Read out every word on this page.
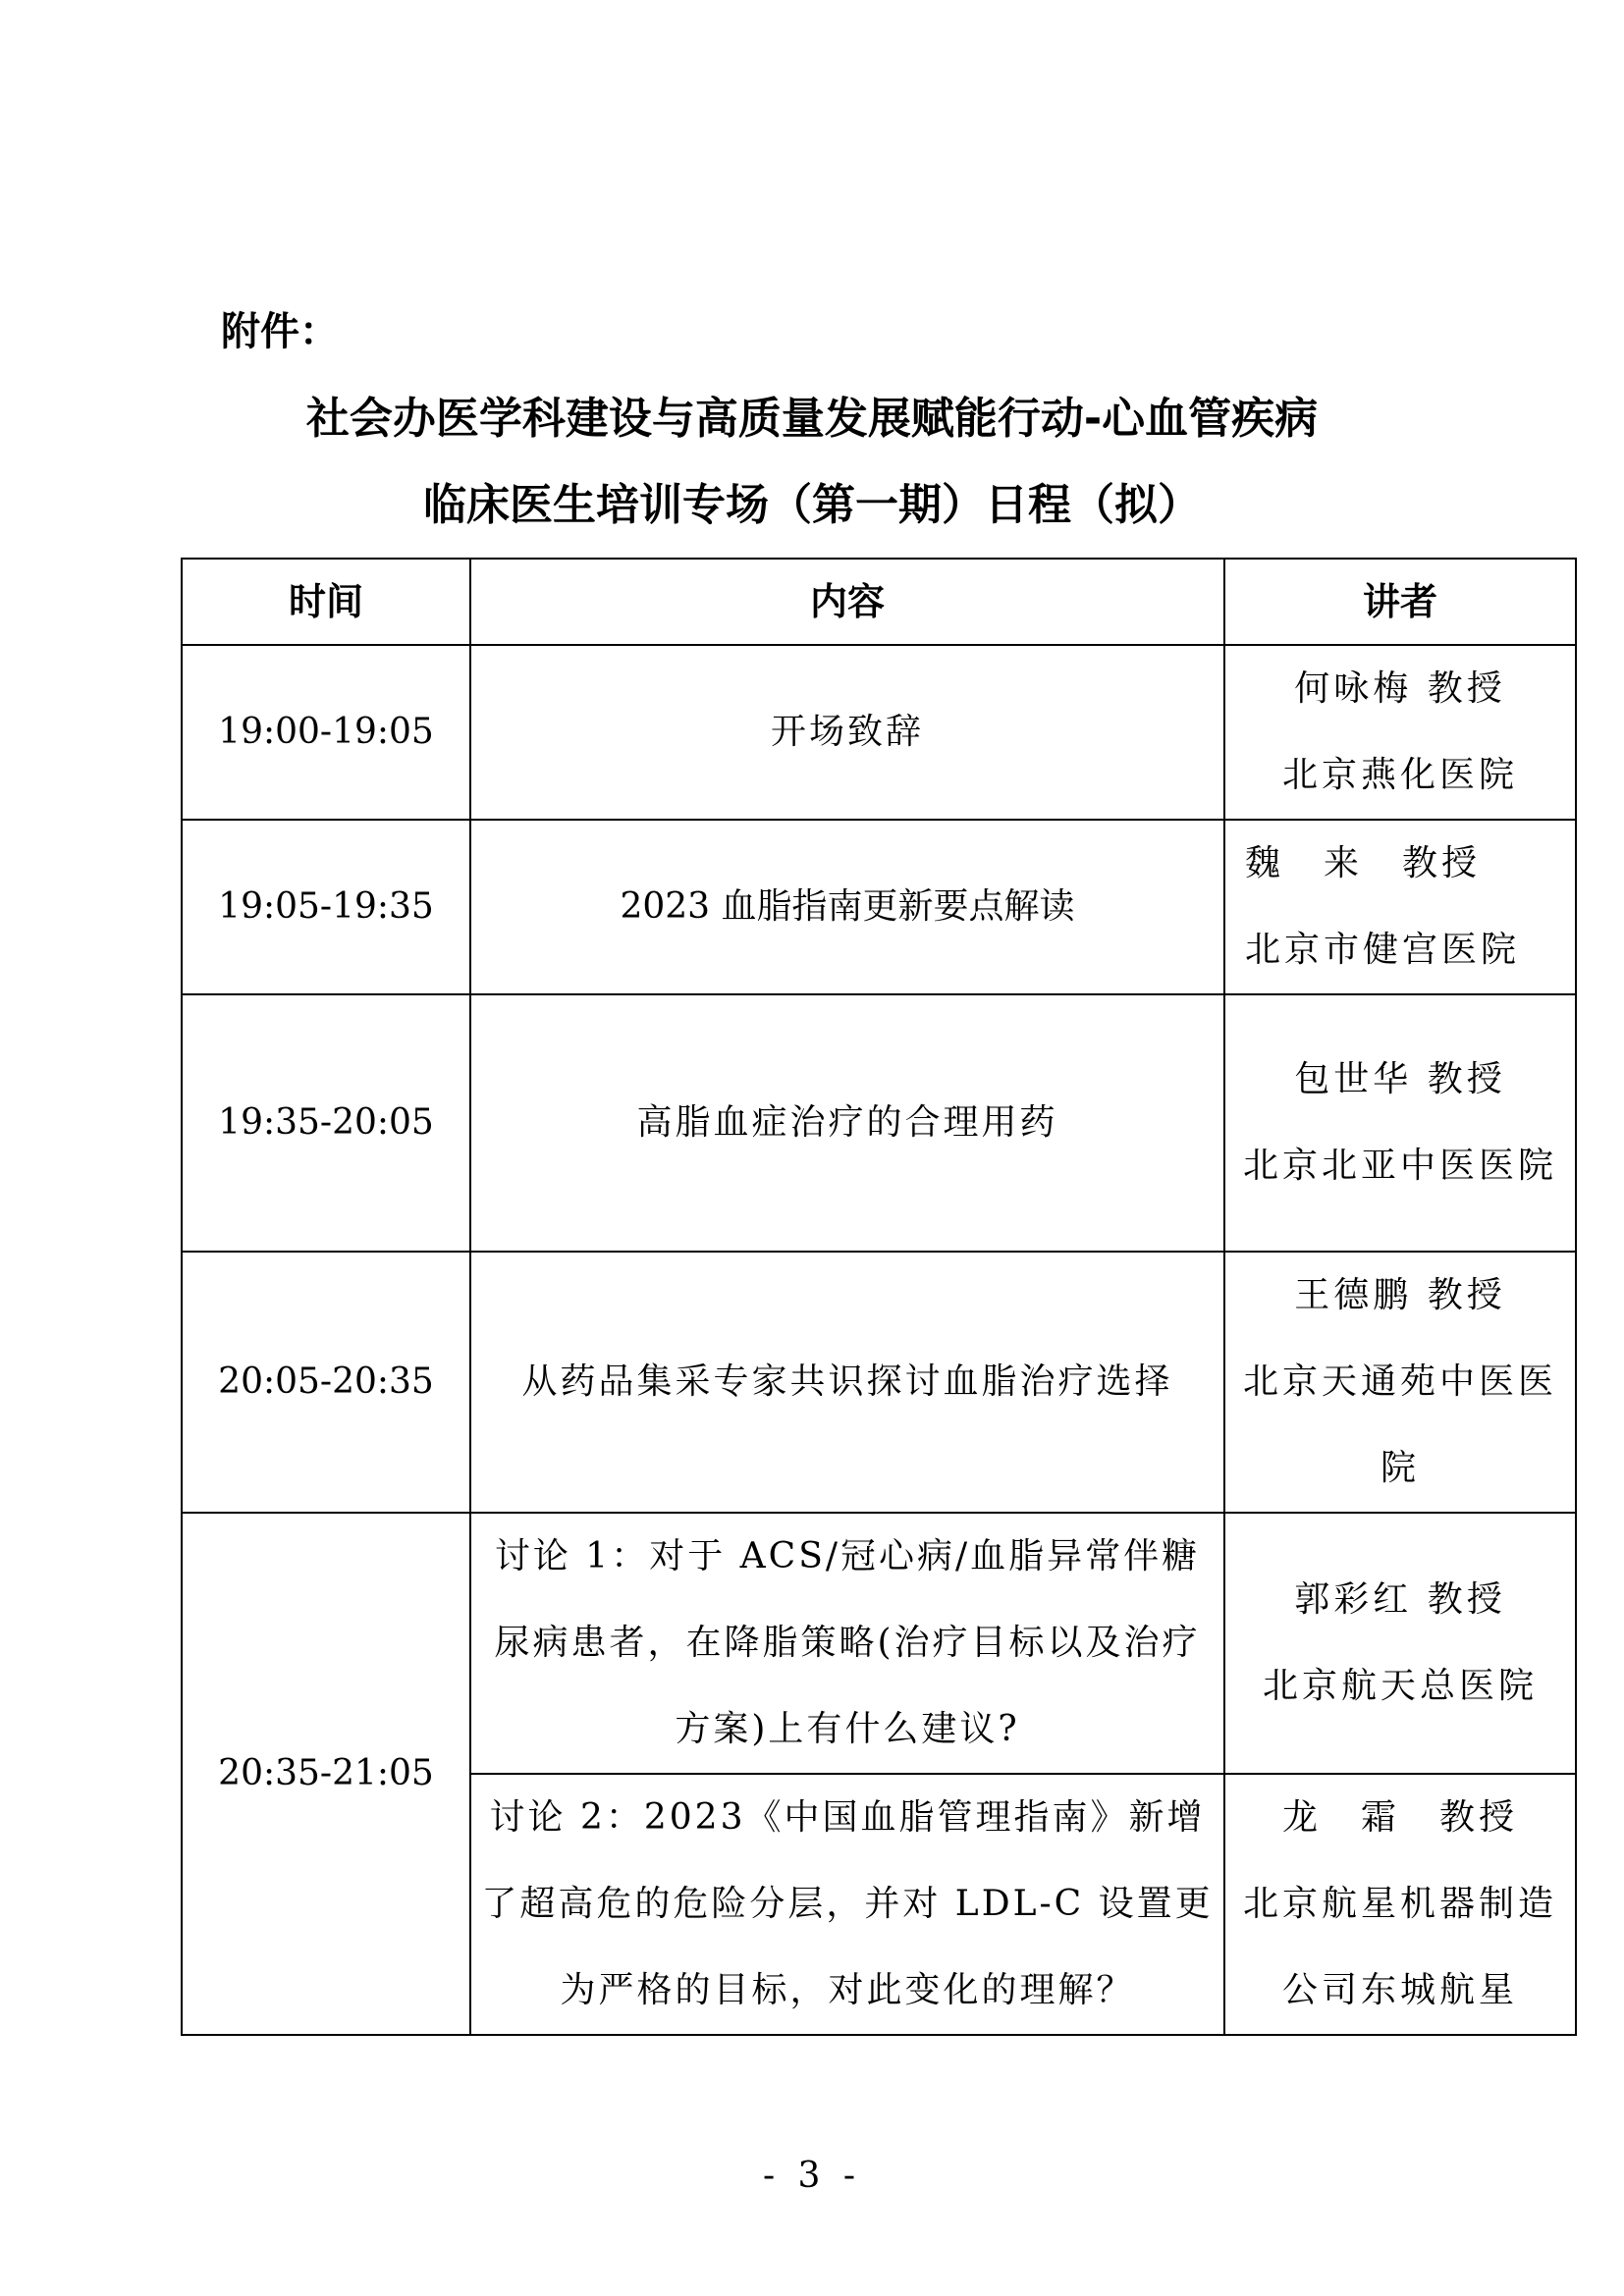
附件：
社会办医学科建设与高质量发展赋能行动-心血管疾病
临床医生培训专场（第一期）日程（拟）
时间	内容	讲者
19:00-19:05	开场致辞	何咏梅 教授
北京燕化医院

19:05-19:35	2023 血脂指南更新要点解读	魏　来　教授
北京市健宫医院

19:35-20:05	高脂血症治疗的合理用药	包世华 教授
北京北亚中医医院

20:05-20:35	从药品集采专家共识探讨血脂治疗选择	王德鹏 教授
北京天通苑中医医院

20:35-21:05	讨论 1：对于 ACS/冠心病/血脂异常伴糖尿病患者，在降脂策略(治疗目标以及治疗方案)上有什么建议?	郭彩红 教授
北京航天总医院

	讨论 2：2023《中国血脂管理指南》新增了超高危的危险分层，并对 LDL-C 设置更为严格的目标，对此变化的理解？	龙　霜　教授
北京航星机器制造公司东城航星
- 3 -
